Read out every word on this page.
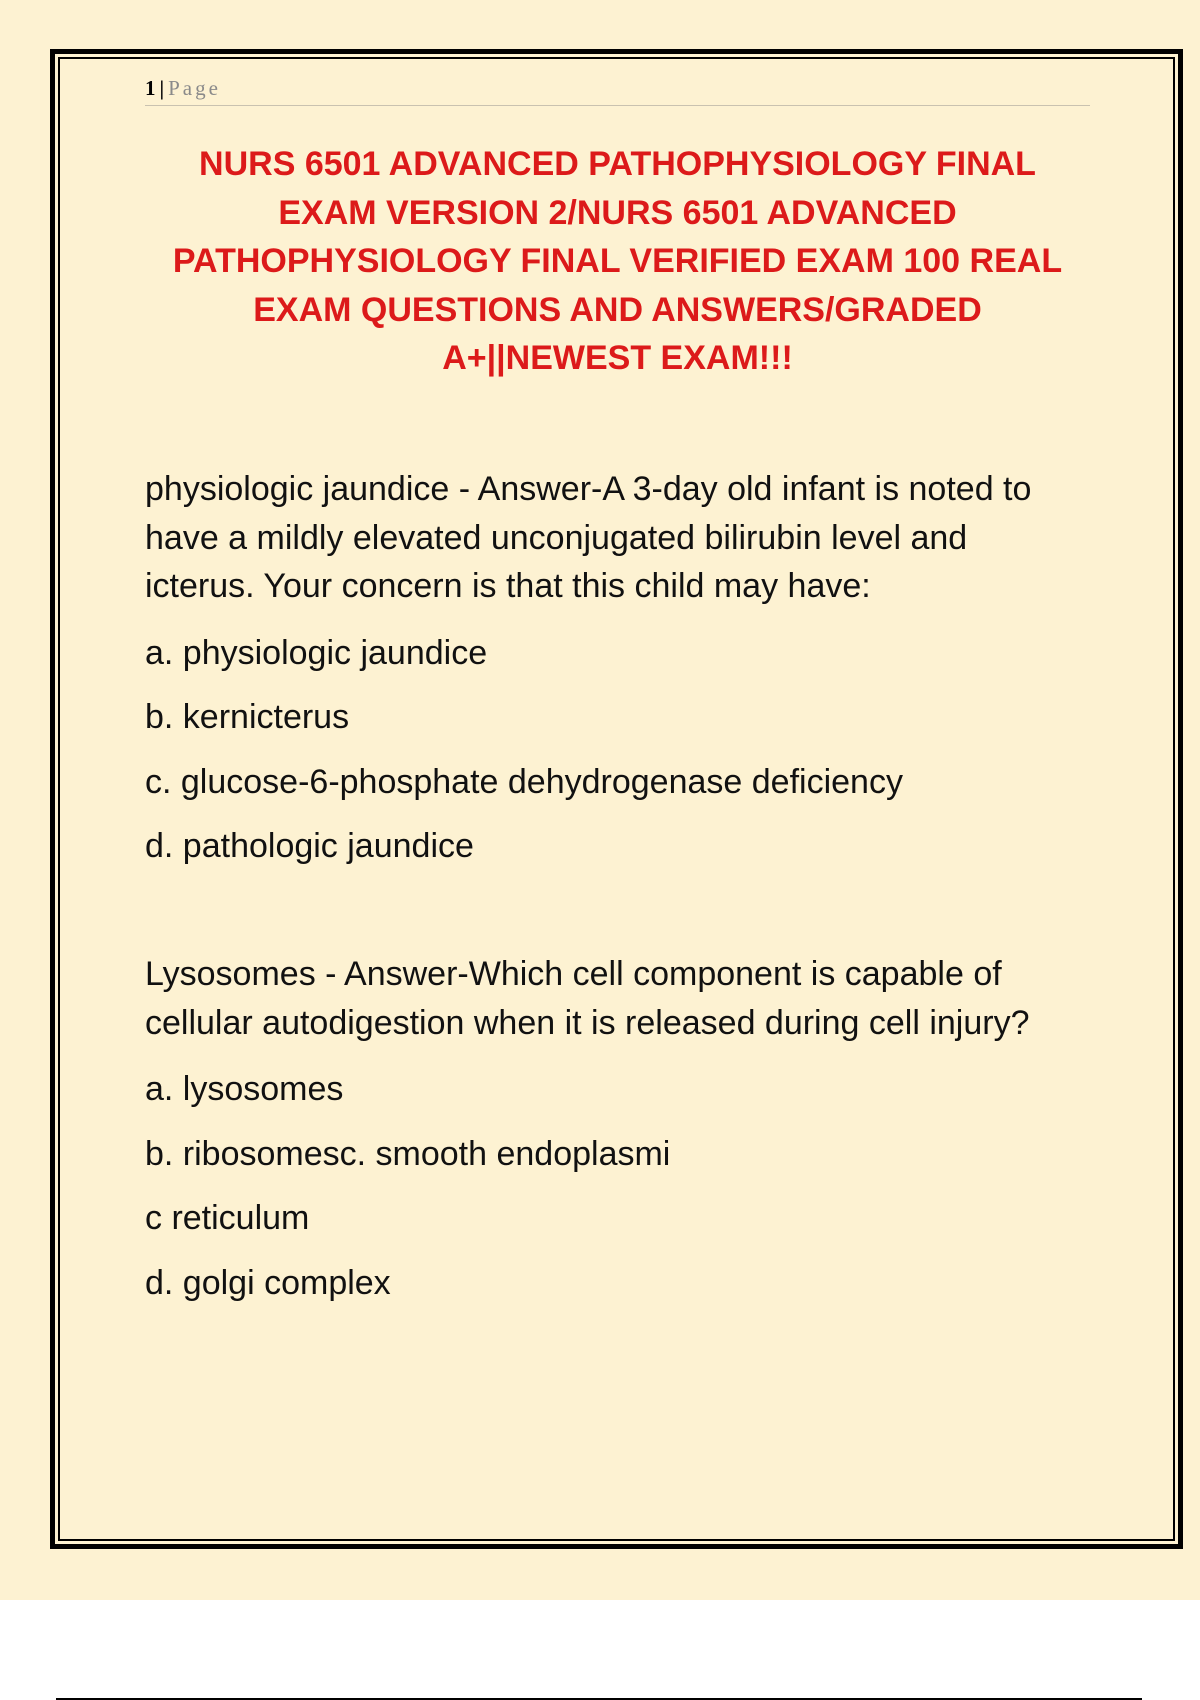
1 | Page
NURS 6501 ADVANCED PATHOPHYSIOLOGY FINAL EXAM VERSION 2/NURS 6501 ADVANCED PATHOPHYSIOLOGY FINAL VERIFIED EXAM 100 REAL EXAM QUESTIONS AND ANSWERS/GRADED A+||NEWEST EXAM!!!

physiologic jaundice - Answer-A 3-day old infant is noted to have a mildly elevated unconjugated bilirubin level and icterus. Your concern is that this child may have:

a. physiologic jaundice

b. kernicterus

c. glucose-6-phosphate dehydrogenase deficiency

d. pathologic jaundice

Lysosomes - Answer-Which cell component is capable of cellular autodigestion when it is released during cell injury?

a. lysosomes

b. ribosomesc. smooth endoplasmi

c reticulum

d. golgi complex
